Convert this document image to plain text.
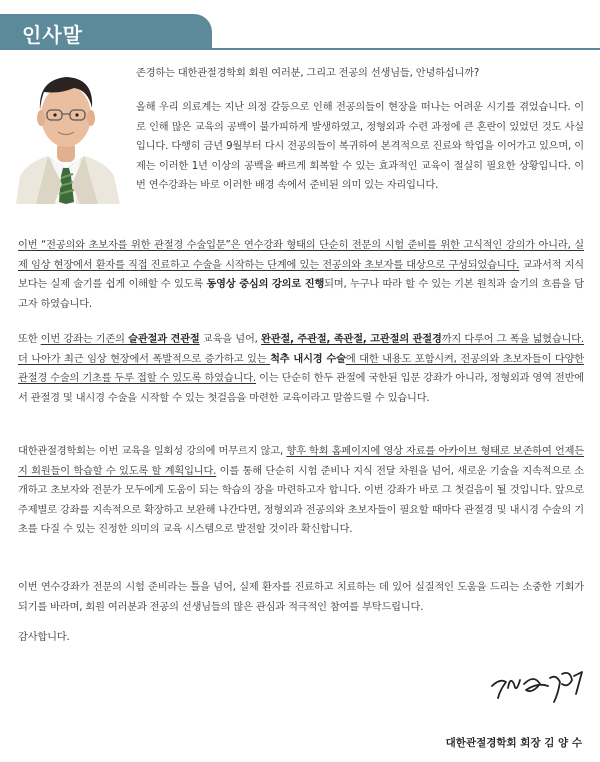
인사말

존경하는 대한관절경학회 회원 여러분, 그리고 전공의 선생님들, 안녕하십니까?

올해 우리 의료계는 지난 의정 갈등으로 인해 전공의들이 현장을 떠나는 어려운 시기를 겪었습니다. 이로 인해 많은 교육의 공백이 불가피하게 발생하였고, 정형외과 수련 과정에 큰 혼란이 있었던 것도 사실입니다. 다행히 금년 9월부터 다시 전공의들이 복귀하여 본격적으로 진료와 학업을 이어가고 있으며, 이제는 이러한 1년 이상의 공백을 빠르게 회복할 수 있는 효과적인 교육이 절실히 필요한 상황입니다. 이번 연수강좌는 바로 이러한 배경 속에서 준비된 의미 있는 자리입니다.

이번 “전공의와 초보자를 위한 관절경 수술입문”은 연수강좌 형태의 단순히 전문의 시험 준비를 위한 고식적인 강의가 아니라, 실제 임상 현장에서 환자를 직접 진료하고 수술을 시작하는 단계에 있는 전공의와 초보자를 대상으로 구성되었습니다. 교과서적 지식보다는 실제 술기를 쉽게 이해할 수 있도록 동영상 중심의 강의로 진행되며, 누구나 따라 할 수 있는 기본 원칙과 술기의 흐름을 담고자 하였습니다.

또한 이번 강좌는 기존의 슬관절과 견관절 교육을 넘어, 완관절, 주관절, 족관절, 고관절의 관절경까지 다루어 그 폭을 넓혔습니다. 더 나아가 최근 임상 현장에서 폭발적으로 증가하고 있는 척추 내시경 수술에 대한 내용도 포함시켜, 전공의와 초보자들이 다양한 관절경 수술의 기초를 두루 접할 수 있도록 하였습니다. 이는 단순히 한두 관절에 국한된 입문 강좌가 아니라, 정형외과 영역 전반에서 관절경 및 내시경 수술을 시작할 수 있는 첫걸음을 마련한 교육이라고 말씀드릴 수 있습니다.

대한관절경학회는 이번 교육을 일회성 강의에 머무르지 않고, 향후 학회 홈페이지에 영상 자료를 아카이브 형태로 보존하여 언제든지 회원들이 학습할 수 있도록 할 계획입니다. 이를 통해 단순히 시험 준비나 지식 전달 차원을 넘어, 새로운 기술을 지속적으로 소개하고 초보자와 전문가 모두에게 도움이 되는 학습의 장을 마련하고자 합니다. 이번 강좌가 바로 그 첫걸음이 될 것입니다. 앞으로 주제별로 강좌를 지속적으로 확장하고 보완해 나간다면, 정형외과 전공의와 초보자들이 필요할 때마다 관절경 및 내시경 수술의 기초를 다질 수 있는 진정한 의미의 교육 시스템으로 발전할 것이라 확신합니다.

이번 연수강좌가 전문의 시험 준비라는 틀을 넘어, 실제 환자를 진료하고 치료하는 데 있어 실질적인 도움을 드리는 소중한 기회가 되기를 바라며, 회원 여러분과 전공의 선생님들의 많은 관심과 적극적인 참여를 부탁드립니다.

감사합니다.

대한관절경학회 회장 김 양 수
